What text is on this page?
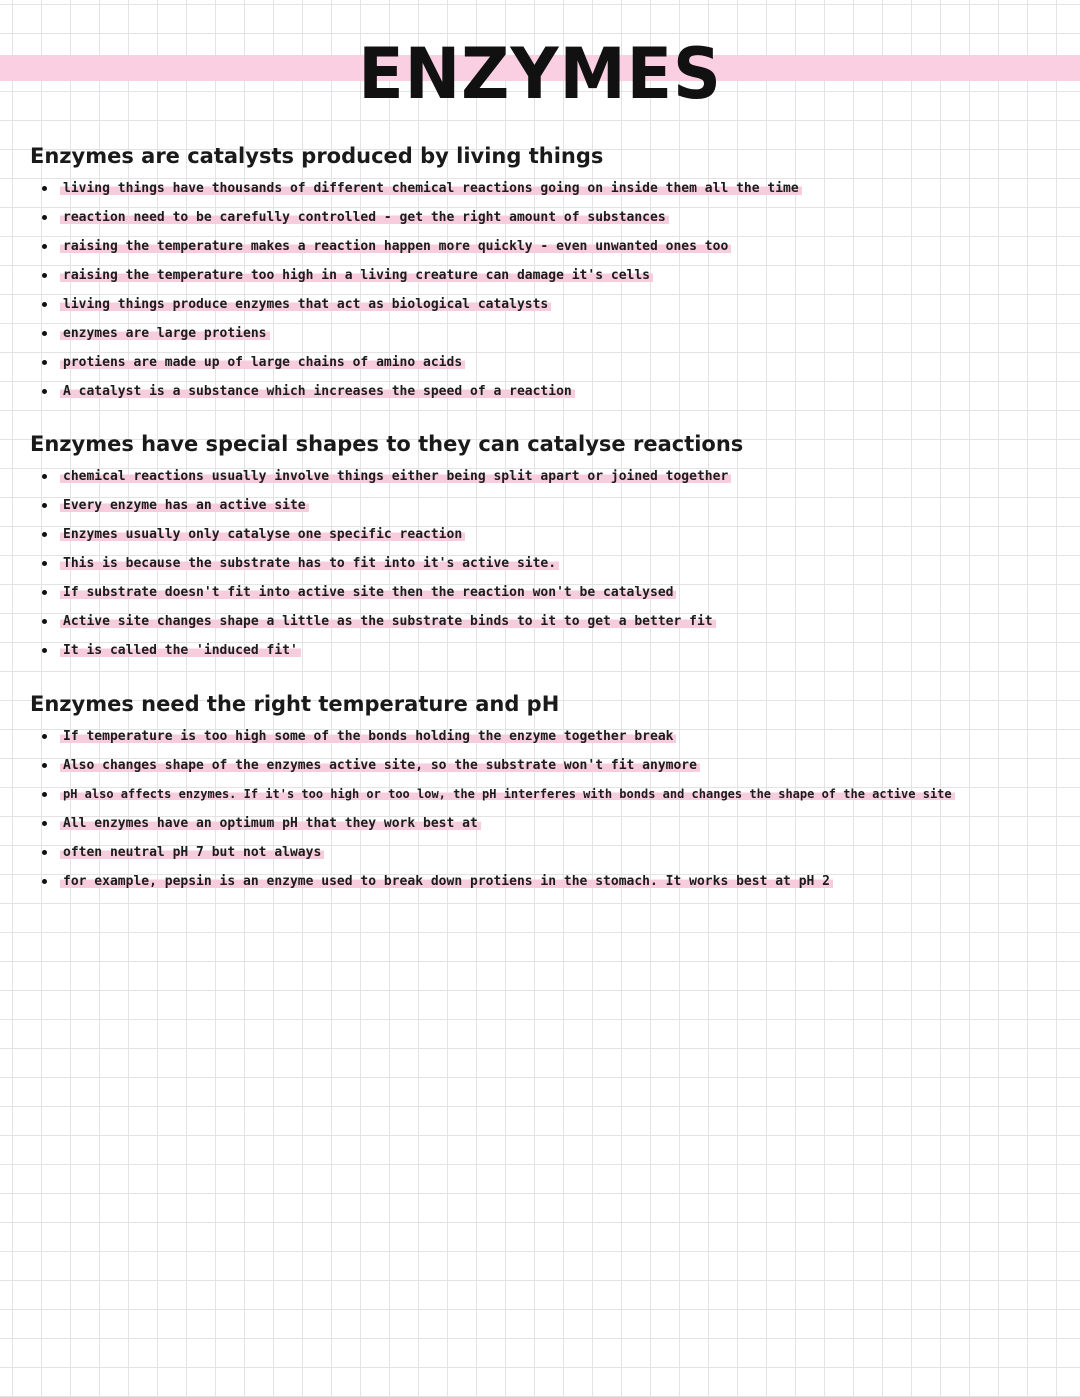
ENZYMES
Enzymes are catalysts produced by living things
living things have thousands of different chemical reactions going on inside them all the time
reaction need to be carefully controlled - get the right amount of substances
raising the temperature makes a reaction happen more quickly - even unwanted ones too
raising the temperature too high in a living creature can damage it's cells
living things produce enzymes that act as biological catalysts
enzymes are large protiens
protiens are made up of large chains of amino acids
A catalyst is a substance which increases the speed of a reaction
Enzymes have special shapes to they can catalyse reactions
chemical reactions usually involve things either being split apart or joined together
Every enzyme has an active site
Enzymes usually only catalyse one specific reaction
This is because the substrate has to fit into it's active site.
If substrate doesn't fit into active site then the reaction won't be catalysed
Active site changes shape a little as the substrate binds to it to get a better fit
It is called the 'induced fit'
Enzymes need the right temperature and pH
If temperature is too high some of the bonds holding the enzyme together break
Also changes shape of the enzymes active site, so the substrate won't fit anymore
pH also affects enzymes. If it's too high or too low, the pH interferes with bonds and changes the shape of the active site
All enzymes have an optimum pH that they work best at
often neutral pH 7 but not always
for example, pepsin is an enzyme used to break down protiens in the stomach. It works best at pH 2
